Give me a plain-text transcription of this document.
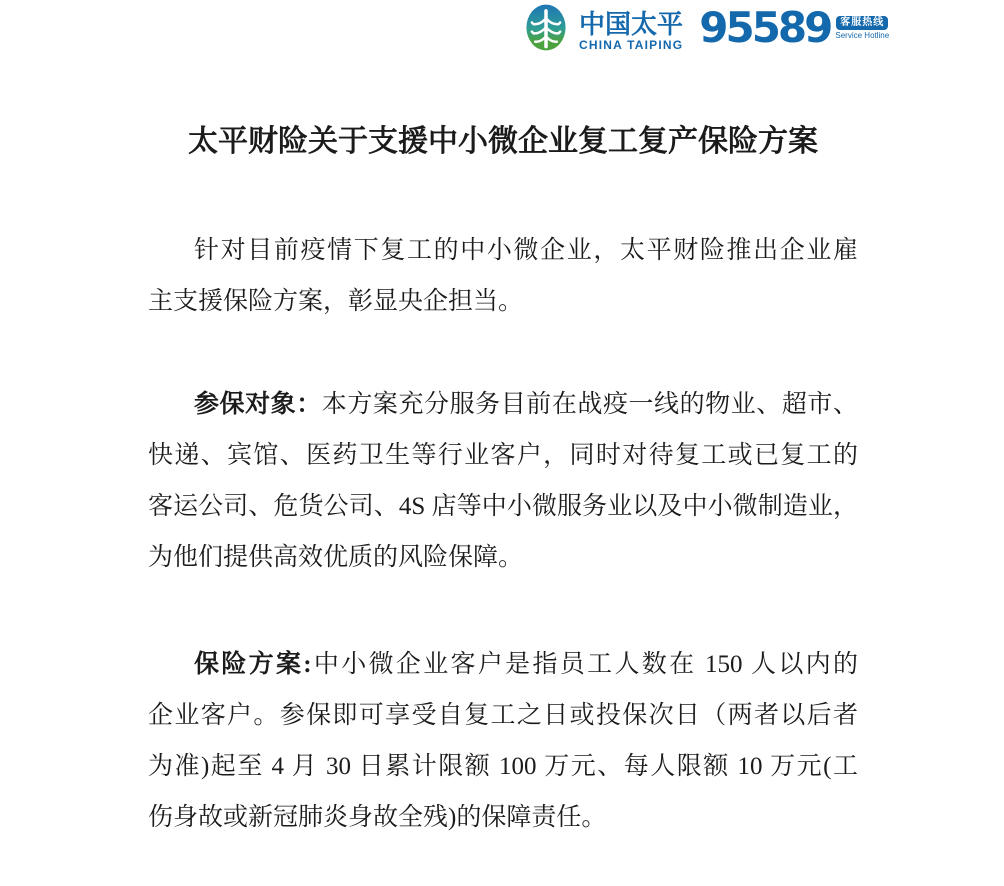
中国太平
CHINA TAIPING 95589 客服热线
Service Hotline
太平财险关于支援中小微企业复工复产保险方案
针对目前疫情下复工的中小微企业，太平财险推出企业雇
主支援保险方案，彰显央企担当。
参保对象：本方案充分服务目前在战疫一线的物业、超市、
快递、宾馆、医药卫生等行业客户，同时对待复工或已复工的
客运公司、危货公司、4S 店等中小微服务业以及中小微制造业，
为他们提供高效优质的风险保障。
保险方案:中小微企业客户是指员工人数在 150 人以内的
企业客户。参保即可享受自复工之日或投保次日（两者以后者
为准)起至 4 月 30 日累计限额 100 万元、每人限额 10 万元(工
伤身故或新冠肺炎身故全残)的保障责任。
